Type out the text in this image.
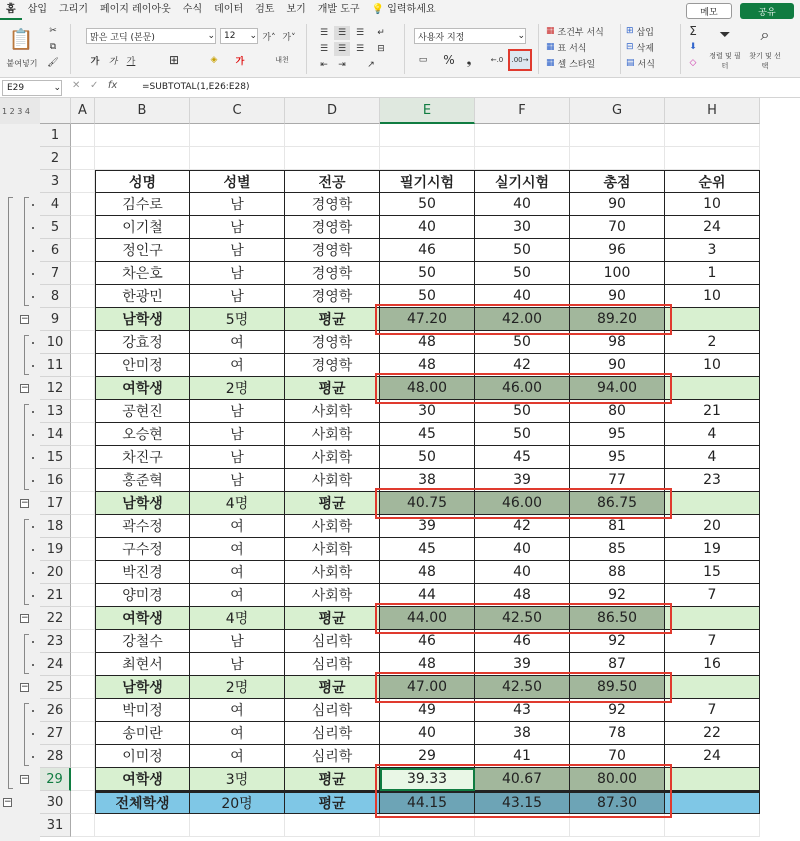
홈	삽입	그리기	페이지 레이아웃	수식	데이터	검토	보기	개발 도구	💡 입력하세요	메모	공유
📋
붙여넣기
✂
⧉
🖌
맑은 고딕 (본문)	⌄ 12 ⌄ 가˄ 가˅
가 가 가	⊞	◈	가	내천
☰	☰	☰
☰	☰	☰
⇤	⇥
↵
⊟
↗
사용자 지정	⌄
▭	% ❟	←.0	.00→
▦ 조건부 서식
▦ 표 서식
▦ 셀 스타일
⊞ 삽입
⊟ 삭제
▤ 서식
Σ
⬇
◇
⏷
정렬 및 필터
⌕
찾기 및 선택
E29	⌄ ✕ ✓ fx	=SUBTOTAL(1,E26:E28)
1 2 3 4
−
−
−
−
−
−
−
A	B	C	D	E	F	G	H
1
2
3	성명	성별	전공	필기시험	실기시험	총점	순위
4	김수로	남	경영학	50	40	90	10
5	이기철	남	경영학	40	30	70	24
6	정인구	남	경영학	46	50	96	3
7	차은호	남	경영학	50	50	100	1
8	한광민	남	경영학	50	40	90	10
9	남학생	5명	평균	47.20	42.00	89.20
10	강효정	여	경영학	48	50	98	2
11	안미정	여	경영학	48	42	90	10
12	여학생	2명	평균	48.00	46.00	94.00
13	공현진	남	사회학	30	50	80	21
14	오승현	남	사회학	45	50	95	4
15	차진구	남	사회학	50	45	95	4
16	홍준혁	남	사회학	38	39	77	23
17	남학생	4명	평균	40.75	46.00	86.75
18	곽수정	여	사회학	39	42	81	20
19	구수정	여	사회학	45	40	85	19
20	박진경	여	사회학	48	40	88	15
21	양미경	여	사회학	44	48	92	7
22	여학생	4명	평균	44.00	42.50	86.50
23	강철수	남	심리학	46	46	92	7
24	최현서	남	심리학	48	39	87	16
25	남학생	2명	평균	47.00	42.50	89.50
26	박미정	여	심리학	49	43	92	7
27	송미란	여	심리학	40	38	78	22
28	이미정	여	심리학	29	41	70	24
29	여학생	3명	평균	39.33	40.67	80.00
30	전체학생	20명	평균	44.15	43.15	87.30
31
